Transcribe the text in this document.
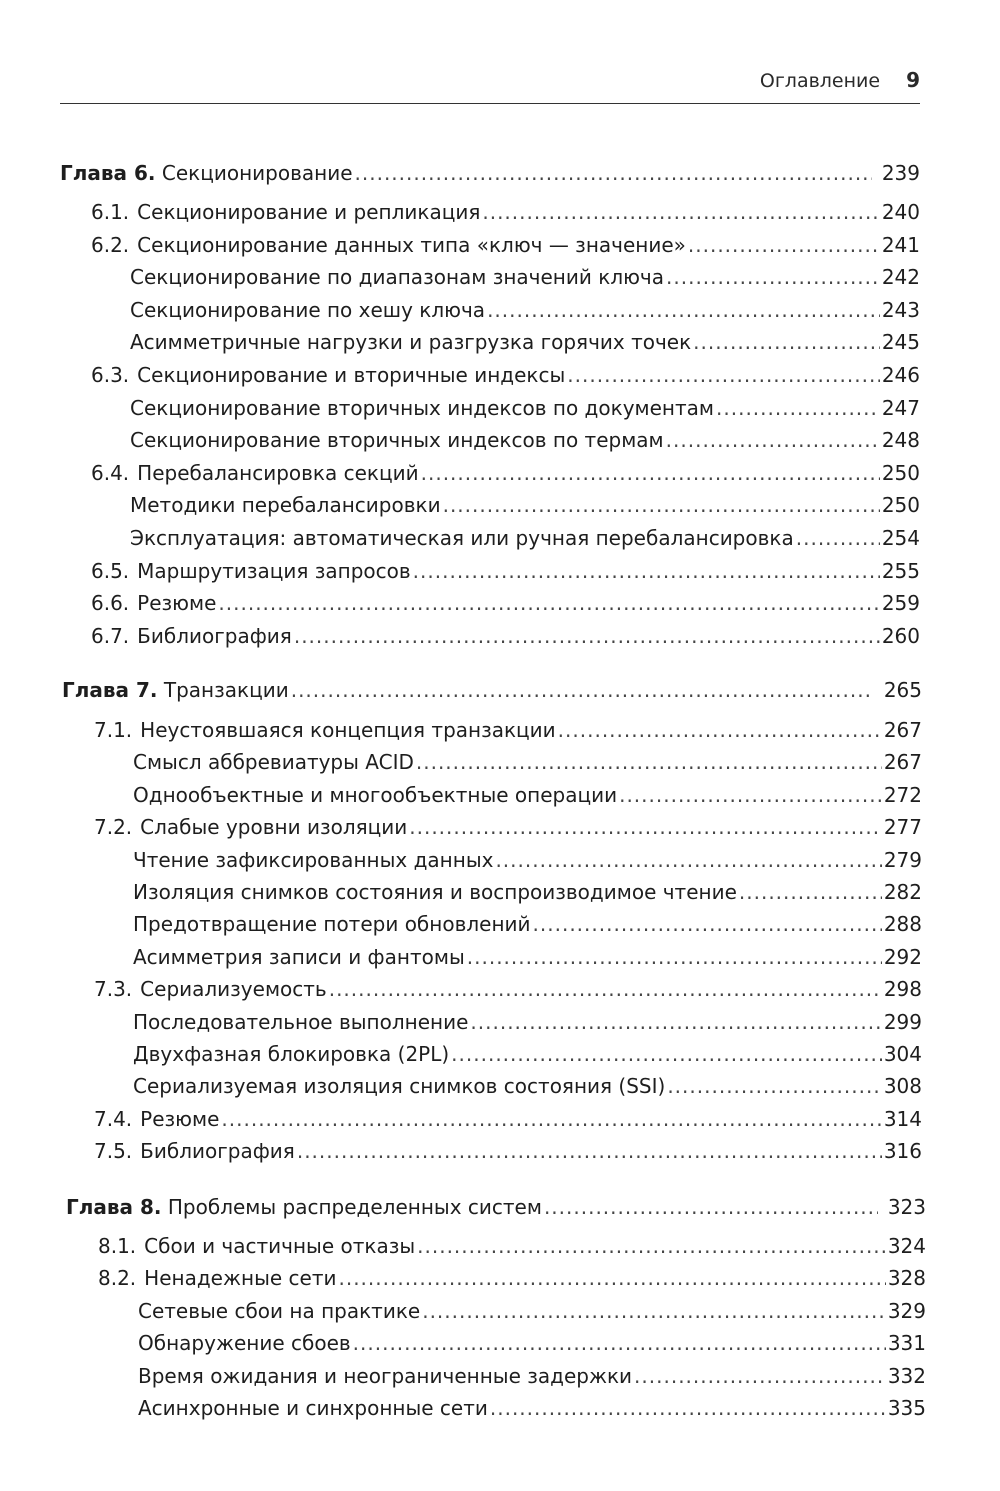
Оглавление 9
Глава 6. Секционирование .....	239
6.1. Секционирование и репликация .....	240
6.2. Секционирование данных типа «ключ — значение» .....	241
Секционирование по диапазонам значений ключа .....	242
Секционирование по хешу ключа .....	243
Асимметричные нагрузки и разгрузка горячих точек .....	245
6.3. Секционирование и вторичные индексы .....	246
Секционирование вторичных индексов по документам .....	247
Секционирование вторичных индексов по термам .....	248
6.4. Перебалансировка секций .....	250
Методики перебалансировки .....	250
Эксплуатация: автоматическая или ручная перебалансировка .....	254
6.5. Маршрутизация запросов .....	255
6.6. Резюме .....	259
6.7. Библиография .....	260
Глава 7. Транзакции .....	265
7.1. Неустоявшаяся концепция транзакции .....	267
Смысл аббревиатуры ACID .....	267
Однообъектные и многообъектные операции .....	272
7.2. Слабые уровни изоляции .....	277
Чтение зафиксированных данных .....	279
Изоляция снимков состояния и воспроизводимое чтение .....	282
Предотвращение потери обновлений .....	288
Асимметрия записи и фантомы .....	292
7.3. Сериализуемость .....	298
Последовательное выполнение .....	299
Двухфазная блокировка (2PL) .....	304
Сериализуемая изоляция снимков состояния (SSI) .....	308
7.4. Резюме .....	314
7.5. Библиография .....	316
Глава 8. Проблемы распределенных систем .....	323
8.1. Сбои и частичные отказы .....	324
8.2. Ненадежные сети .....	328
Сетевые сбои на практике .....	329
Обнаружение сбоев .....	331
Время ожидания и неограниченные задержки .....	332
Асинхронные и синхронные сети .....	335
